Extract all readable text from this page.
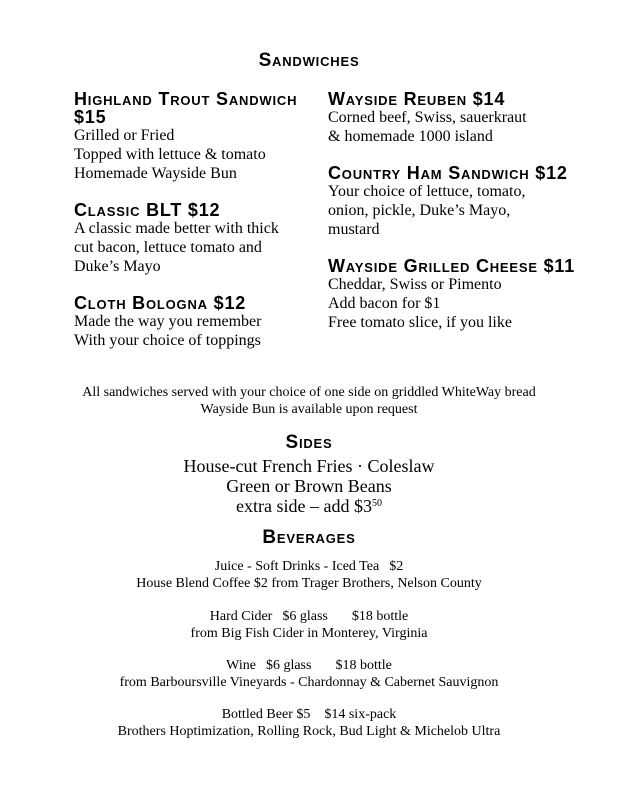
Sandwiches
Highland Trout Sandwich $15
Grilled or Fried
Topped with lettuce & tomato
Homemade Wayside Bun
Classic BLT $12
A classic made better with thick
cut bacon, lettuce tomato and
Duke’s Mayo
Cloth Bologna $12
Made the way you remember
With your choice of toppings
Wayside Reuben $14
Corned beef, Swiss, sauerkraut
& homemade 1000 island
Country Ham Sandwich $12
Your choice of lettuce, tomato,
onion, pickle, Duke’s Mayo,
mustard
Wayside Grilled Cheese $11
Cheddar, Swiss or Pimento
Add bacon for $1
Free tomato slice, if you like
All sandwiches served with your choice of one side on griddled WhiteWay bread
Wayside Bun is available upon request
Sides
House-cut French Fries · Coleslaw
Green or Brown Beans
extra side – add $\$3^{50}$
Beverages
Juice - Soft Drinks - Iced Tea $2
House Blend Coffee $2 from Trager Brothers, Nelson County
Hard Cider $6 glass $18 bottle
from Big Fish Cider in Monterey, Virginia
Wine $6 glass $18 bottle
from Barboursville Vineyards - Chardonnay & Cabernet Sauvignon
Bottled Beer $5 $14 six-pack
Brothers Hoptimization, Rolling Rock, Bud Light & Michelob Ultra
